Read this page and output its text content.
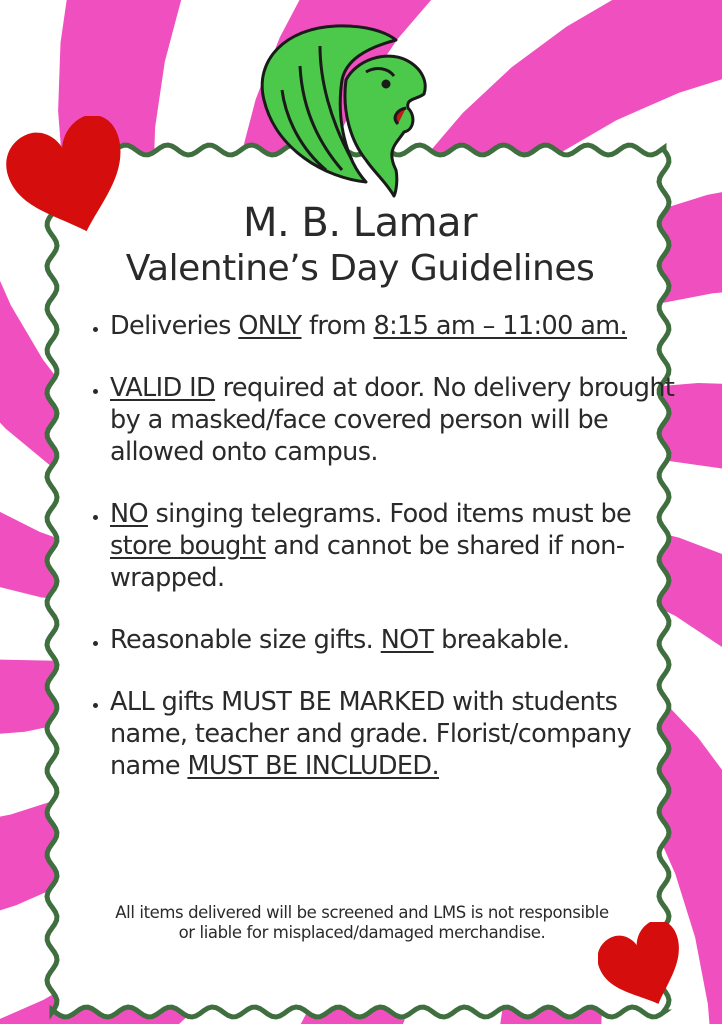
M. B. Lamar
Valentine’s Day Guidelines
• Deliveries ONLY from 8:15 am – 11:00 am.
• VALID ID required at door. No delivery brought by a masked/face covered person will be allowed onto campus.
• NO singing telegrams. Food items must be store bought and cannot be shared if non-wrapped.
• Reasonable size gifts. NOT breakable.
• ALL gifts MUST BE MARKED with students name, teacher and grade. Florist/company name MUST BE INCLUDED.
All items delivered will be screened and LMS is not responsible
or liable for misplaced/damaged merchandise.
